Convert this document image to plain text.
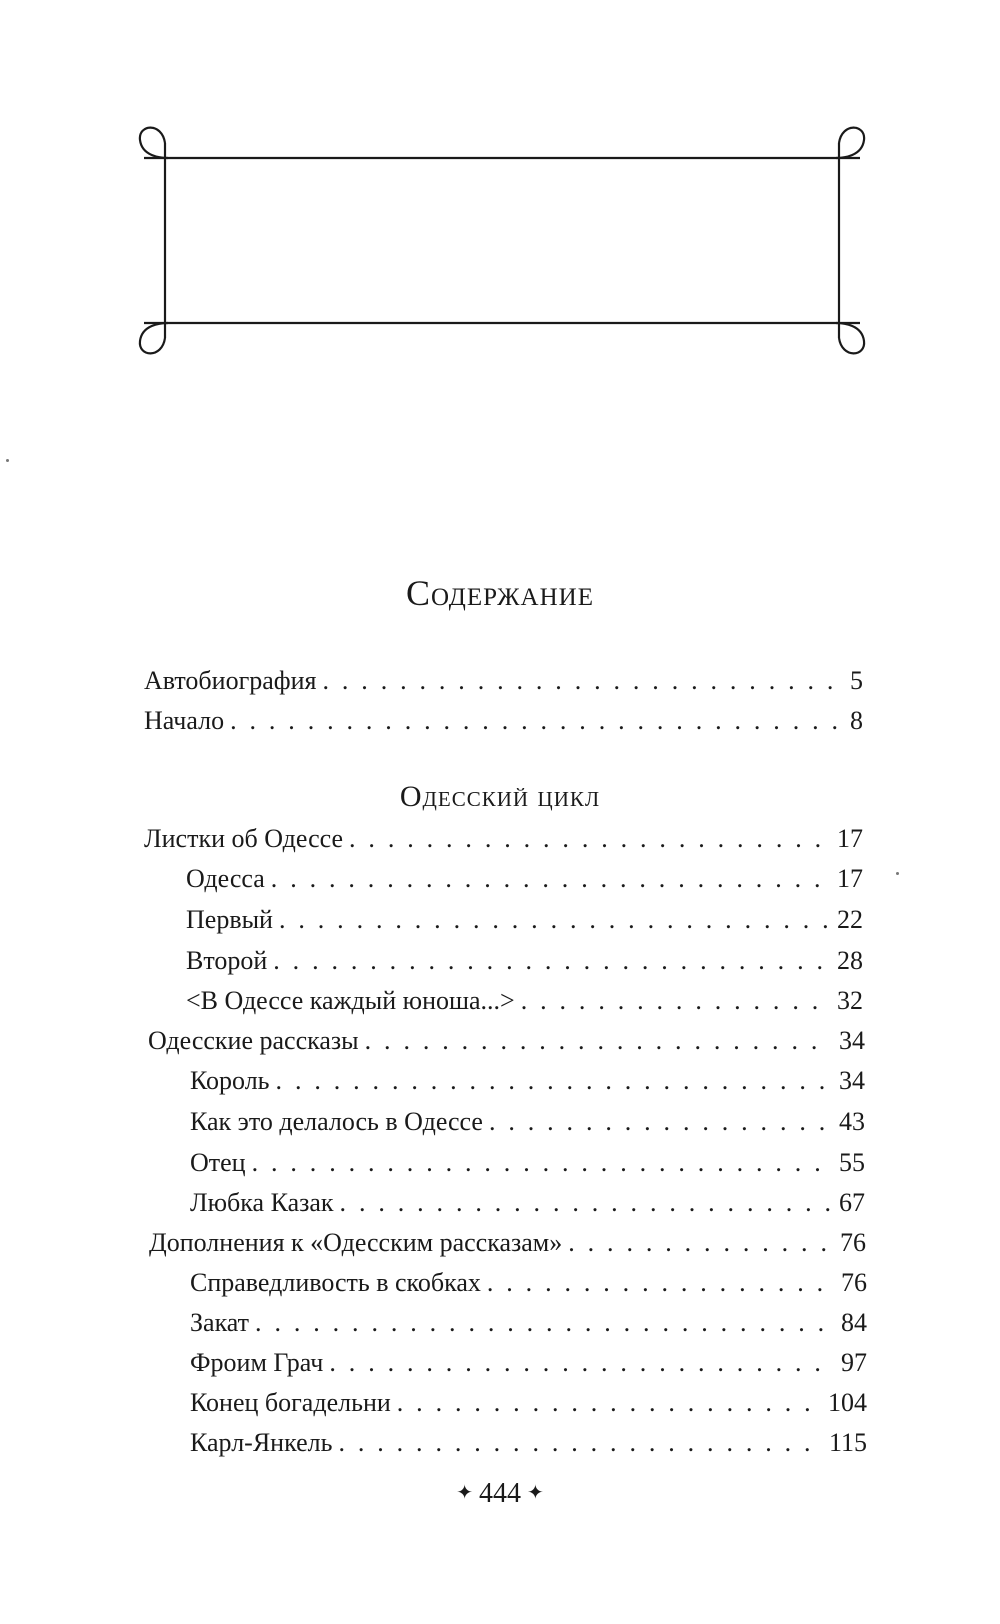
Содержание
Автобиография . . .	5
Начало . . .	8
Одесский цикл
Листки об Одессе . . .	17
Одесса . . .	17
Первый . . .	22
Второй . . .	28
<В Одессе каждый юноша...> . . .	32
Одесские рассказы . . .	34
Король . . .	34
Как это делалось в Одессе . . .	43
Отец . . .	55
Любка Казак . . .	67
Дополнения к «Одесским рассказам» . . .	76
Справедливость в скобках . . .	76
Закат . . .	84
Фроим Грач . . .	97
Конец богадельни . . .	104
Карл-Янкель . . .	115
✦ 444 ✦
